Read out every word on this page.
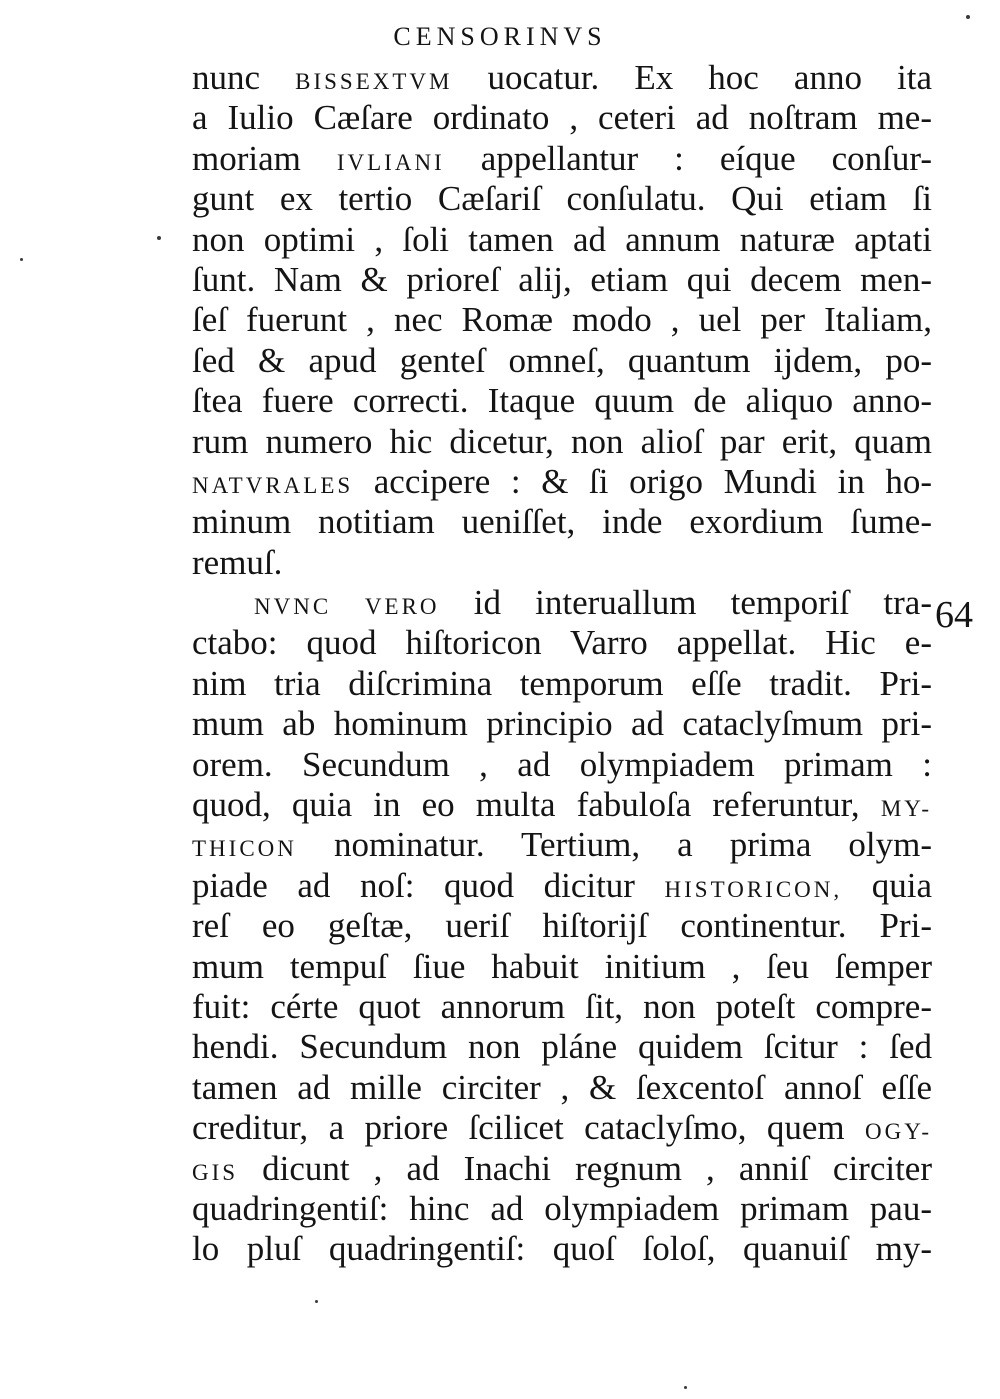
CENSORINVS
nunc BISSEXTVM uocatur. Ex hoc anno ita
a Iulio Cæſare ordinato , ceteri ad noſtram me-
moriam IVLIANI appellantur : eíque conſur-
gunt ex tertio Cæſariſ conſulatu. Qui etiam ſi
non optimi , ſoli tamen ad annum naturæ aptati
ſunt. Nam & prioreſ alij, etiam qui decem men-
ſeſ fuerunt , nec Romæ modo , uel per Italiam,
ſed & apud genteſ omneſ, quantum ijdem, po-
ſtea fuere correcti. Itaque quum de aliquo anno-
rum numero hic dicetur, non alioſ par erit, quam
NATVRALES accipere : & ſi origo Mundi in ho-
minum notitiam ueniſſet, inde exordium ſume-
remuſ.
NVNC VERO id interuallum temporiſ tra-
ctabo: quod hiſtoricon Varro appellat. Hic e-
nim tria diſcrimina temporum eſſe tradit. Pri-
mum ab hominum principio ad cataclyſmum pri-
orem. Secundum , ad olympiadem primam :
quod, quia in eo multa fabuloſa referuntur, MY-
THICON nominatur. Tertium, a prima olym-
piade ad noſ: quod dicitur HISTORICON, quia
reſ eo geſtæ, ueriſ hiſtorijſ continentur. Pri-
mum tempuſ ſiue habuit initium , ſeu ſemper
fuit: cérte quot annorum ſit, non poteſt compre-
hendi. Secundum non pláne quidem ſcitur : ſed
tamen ad mille circiter , & ſexcentoſ annoſ eſſe
creditur, a priore ſcilicet cataclyſmo, quem OGY-
GIS dicunt , ad Inachi regnum , anniſ circiter
quadringentiſ: hinc ad olympiadem primam pau-
lo pluſ quadringentiſ: quoſ ſoloſ, quanuiſ my-
64
